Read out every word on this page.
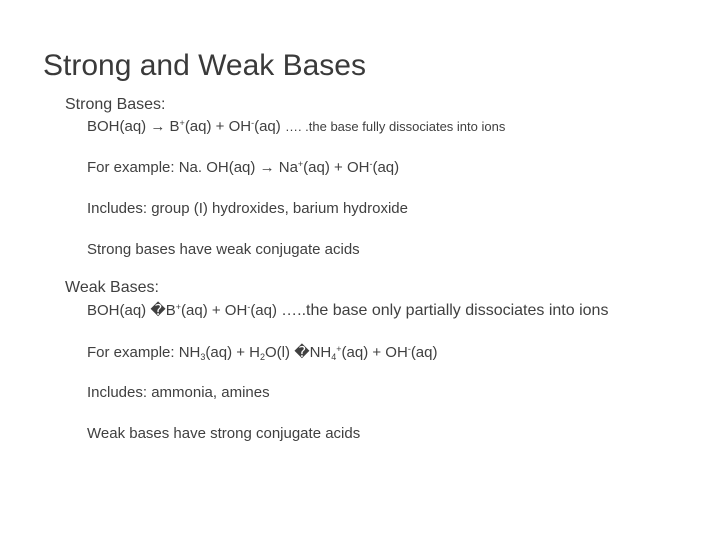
Strong and Weak Bases
Strong Bases:
BOH(aq) → B+(aq) + OH-(aq) …. .the base fully dissociates into ions
For example: Na. OH(aq) → Na+(aq) + OH-(aq)
Includes: group (I) hydroxides, barium hydroxide
Strong bases have weak conjugate acids
Weak Bases:
BOH(aq) �B+(aq) + OH-(aq) …..the base only partially dissociates into ions
For example: $NH_3(aq) + H_2O(l)$ $�NH_4^+(aq) + OH^-(aq)$
Includes: ammonia, amines
Weak bases have strong conjugate acids
